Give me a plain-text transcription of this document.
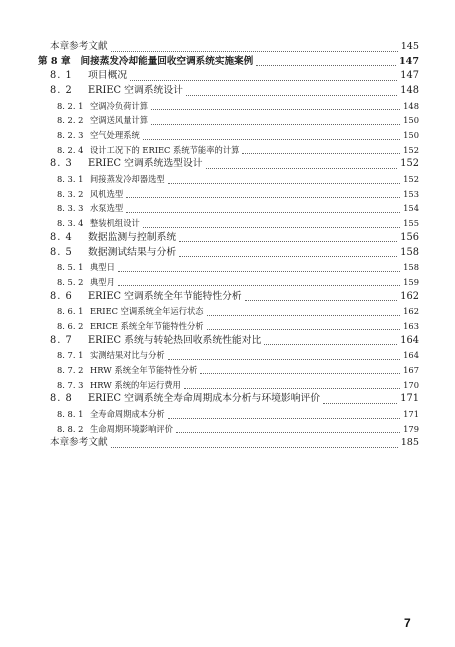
本章参考文献	145
第 8 章 间接蒸发冷却能量回收空调系统实施案例	147
8. 1	项目概况	147
8. 2	ERIEC 空调系统设计	148
8. 2. 1 空调冷负荷计算	148
8. 2. 2 空调送风量计算	150
8. 2. 3 空气处理系统	150
8. 2. 4 设计工况下的 ERIEC 系统节能率的计算	152
8. 3	ERIEC 空调系统选型设计	152
8. 3. 1 间接蒸发冷却器选型	152
8. 3. 2 风机选型	153
8. 3. 3 水泵选型	154
8. 3. 4 整装机组设计	155
8. 4	数据监测与控制系统	156
8. 5	数据测试结果与分析	158
8. 5. 1 典型日	158
8. 5. 2 典型月	159
8. 6	ERIEC 空调系统全年节能特性分析	162
8. 6. 1 ERIEC 空调系统全年运行状态	162
8. 6. 2 ERICE 系统全年节能特性分析	163
8. 7	ERIEC 系统与转轮热回收系统性能对比	164
8. 7. 1 实测结果对比与分析	164
8. 7. 2 HRW 系统全年节能特性分析	167
8. 7. 3 HRW 系统的年运行费用	170
8. 8	ERIEC 空调系统全寿命周期成本分析与环境影响评价	171
8. 8. 1 全寿命周期成本分析	171
8. 8. 2 生命周期环境影响评价	179
本章参考文献	185
7
